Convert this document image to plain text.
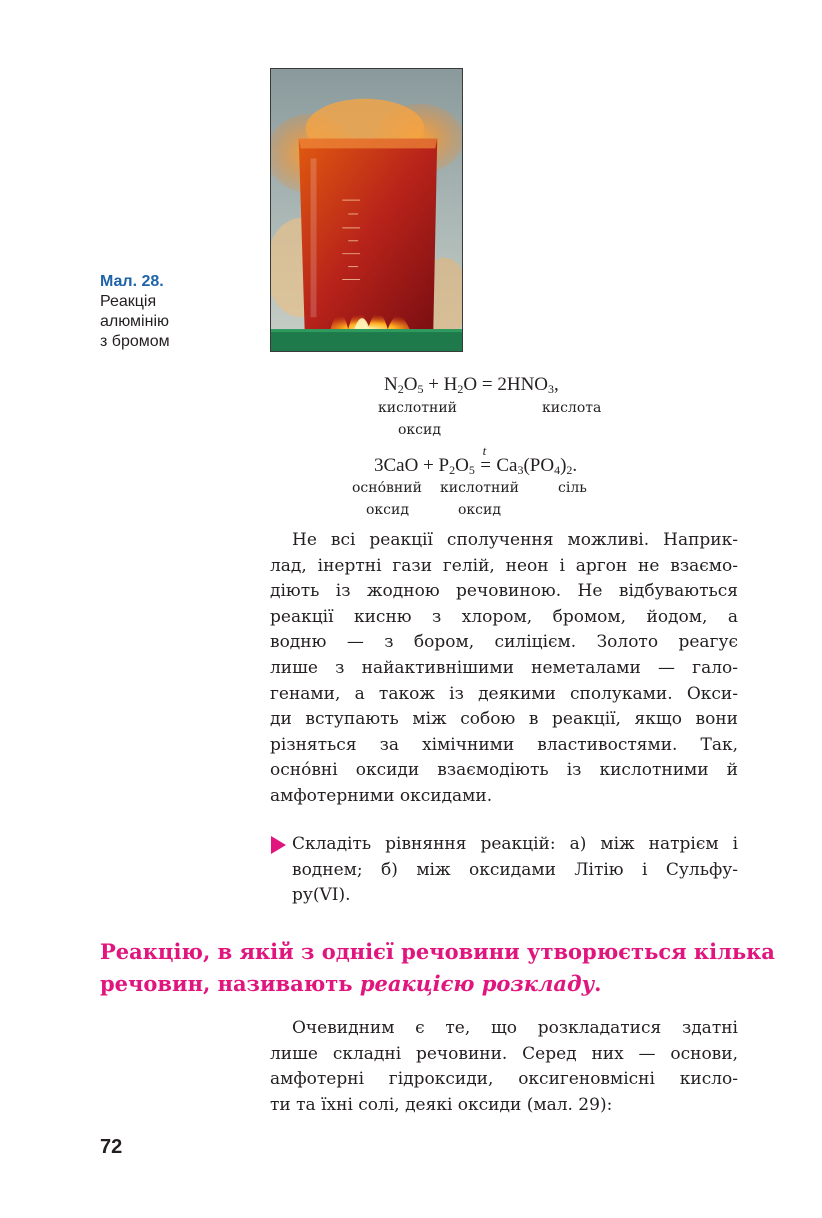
Мал. 28.
Реакція
алюмінію
з бромом
$N_2O_5 + H_2O = 2HNO_3$,
кислотний
оксид
кислота
$3CaO + P_2O_5$
t
= $Ca_3(PO_4)_2$.
осно́вний
оксид
кислотний
оксид
сіль
Не всі реакції сполучення можливі. Наприк-
лад, інертні гази гелій, неон і аргон не взаємо-
діють із жодною речовиною. Не відбуваються
реакції кисню з хлором, бромом, йодом, а
водню — з бором, силіцієм. Золото реагує
лише з найактивнішими неметалами — гало-
генами, а також із деякими сполуками. Окси-
ди вступають між собою в реакції, якщо вони
різняться за хімічними властивостями. Так,
осно́вні оксиди взаємодіють із кислотними й
амфотерними оксидами.
Складіть рівняння реакцій: а) між натрієм і
воднем; б) між оксидами Літію і Сульфу-
ру(VI).
Реакцію, в якій з однієї речовини утворюється кілька
речовин, називають реакцією розкладу.
Очевидним є те, що розкладатися здатні
лише складні речовини. Серед них — основи,
амфотерні гідроксиди, оксигеновмісні кисло-
ти та їхні солі, деякі оксиди (мал. 29):
72
